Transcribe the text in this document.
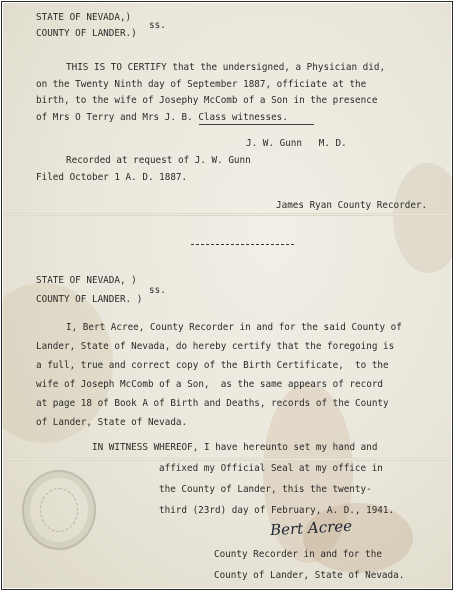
STATE OF NEVADA,)
COUNTY OF LANDER.)
ss.
THIS IS TO CERTIFY that the undersigned, a Physician did,
on the Twenty Ninth day of September 1887, officiate at the
birth, to the wife of Josephy McComb of a Son in the presence
of Mrs O Terry and Mrs J. B. Class witnesses.
J. W. Gunn   M. D.
Recorded at request of J. W. Gunn
Filed October 1 A. D. 1887.
James Ryan County Recorder.
STATE OF NEVADA, )
COUNTY OF LANDER. )
ss.
I, Bert Acree, County Recorder in and for the said County of
Lander, State of Nevada, do hereby certify that the foregoing is
a full, true and correct copy of the Birth Certificate,  to the
wife of Joseph McComb of a Son,  as the same appears of record
at page 18 of Book A of Birth and Deaths, records of the County
of Lander, State of Nevada.
IN WITNESS WHEREOF, I have hereunto set my hand and
affixed my Official Seal at my office in
the County of Lander, this the twenty-
third (23rd) day of February, A. D., 1941.
Bert Acree
County Recorder in and for the
County of Lander, State of Nevada.
